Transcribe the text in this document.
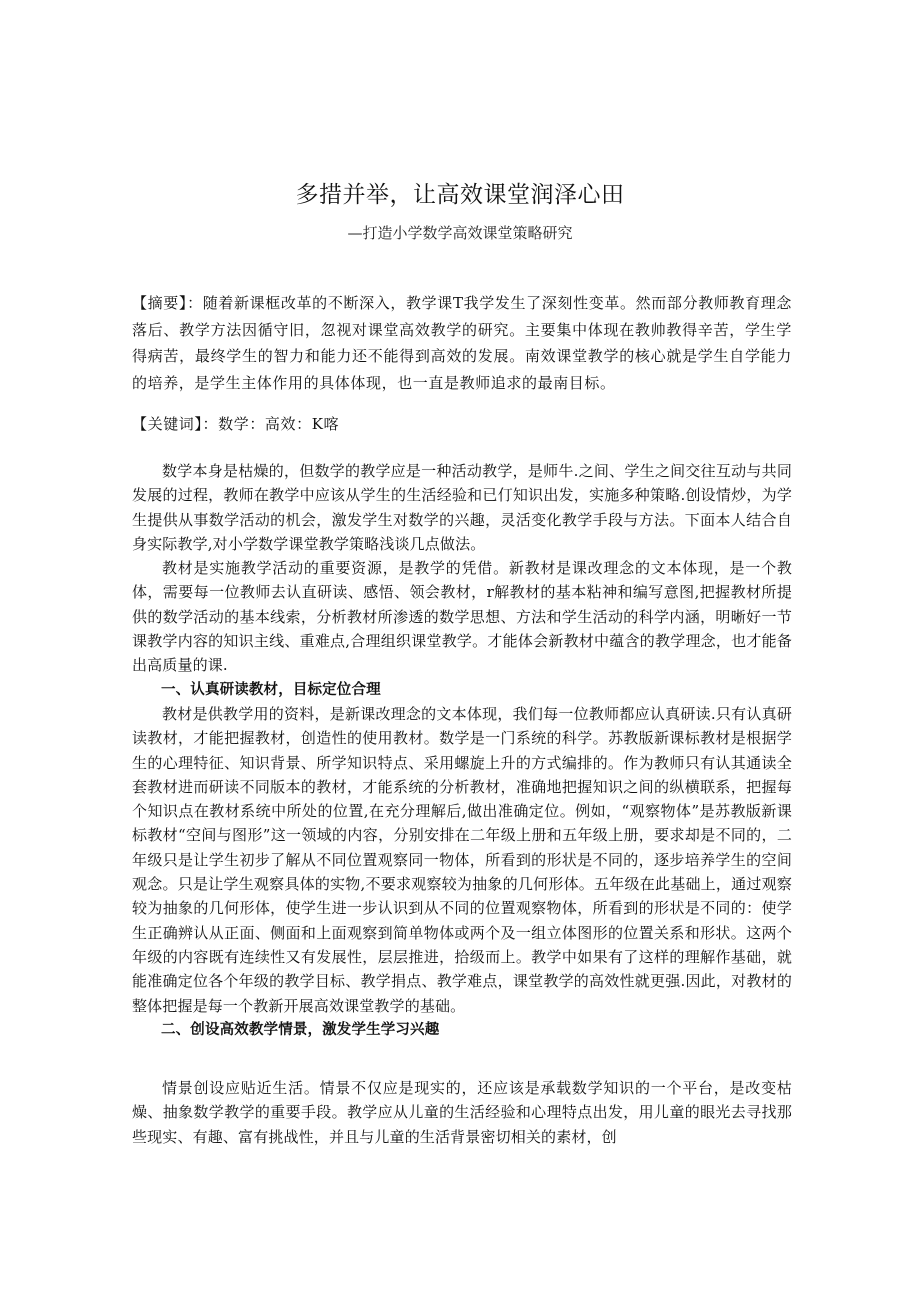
多措并举，让高效课堂润泽心田

—打造小学数学高效课堂策略研究

【摘要】：随着新课框改革的不断深入，教学课T我学发生了深刻性变革。然而部分教师教育理念落后、教学方法因循守旧，忽视对课堂高效教学的研究。主要集中体现在教帅教得辛苦，学生学得病苦，最终学生的智力和能力还不能得到高效的发展。南效课堂教学的核心就是学生自学能力的培养，是学生主体作用的具体体现，也一直是教师追求的最南目标。

【关键词】：数学：高效：K喀

数学本身是枯燥的，但数学的教学应是一种活动教学，是师牛.之间、学生之间交往互动与共同发展的过程，教师在教学中应该从学生的生活经验和已仃知识出发，实施多种策略.创设情炒，为学生提供从事数学活动的机会，激发学生对数学的兴趣，灵活变化教学手段与方法。下面本人结合自身实际教学,对小学数学课堂教学策略浅谈几点做法。

教材是实施教学活动的重要资源，是教学的凭借。新教材是课改理念的文本体现，是一个教体，需要每一位教师去认直研读、感悟、领会教材，r解教材的基本粘神和编写意图,把握教材所提供的数学活动的基本线索，分析教材所渗透的数学思想、方法和学生活动的科学内涵，明晰好一节课教学内容的知识主线、重难点,合理组织课堂教学。才能体会新教材中蕴含的教学理念，也才能备出高质量的课.

一、认真研读教材，目标定位合理

教材是供教学用的资料，是新课改理念的文本体现，我们每一位教师都应认真研读.只有认真研读教材，才能把握教材，创造性的使用教材。数学是一门系统的科学。苏教版新课标教材是根据学生的心理特征、知识背景、所学知识特点、采用螺旋上升的方式编排的。作为教师只有认其通读全套教材进而研读不同版本的教材，才能系统的分析教材，准确地把握知识之间的纵横联系，把握每个知识点在教材系统中所处的位置,在充分理解后,做出准确定位。例如，“观察物体”是苏教版新课标教材“空间与图形”这一领域的内容，分别安排在二年级上册和五年级上册，要求却是不同的，二年级只是让学生初步了解从不同位置观察同一物体，所看到的形状是不同的，逐步培养学生的空间观念。只是让学生观察具体的实物,不要求观察较为抽象的几何形体。五年级在此基础上，通过观察较为抽象的几何形体，使学生进一步认识到从不同的位置观察物体，所看到的形状是不同的：使学生正确辨认从正面、侧面和上面观察到简单物体或两个及一组立体图形的位置关系和形状。这两个年级的内容既有连续性又有发展性，层层推进，拾级而上。教学中如果有了这样的理解作基础，就能准确定位各个年级的教学目标、教学捐点、教学难点，课堂教学的高效性就更强.因此，对教材的整体把握是每一个教新开展高效课堂教学的基础。

二、创设高效教学情景，激发学生学习兴趣

情景创设应贴近生活。情景不仅应是现实的，还应该是承载数学知识的一个平台，是改变枯燥、抽象数学教学的重要手段。教学应从儿童的生活经验和心理特点出发，用儿童的眼光去寻找那些现实、有趣、富有挑战性，并且与儿童的生活背景密切相关的素材，创
